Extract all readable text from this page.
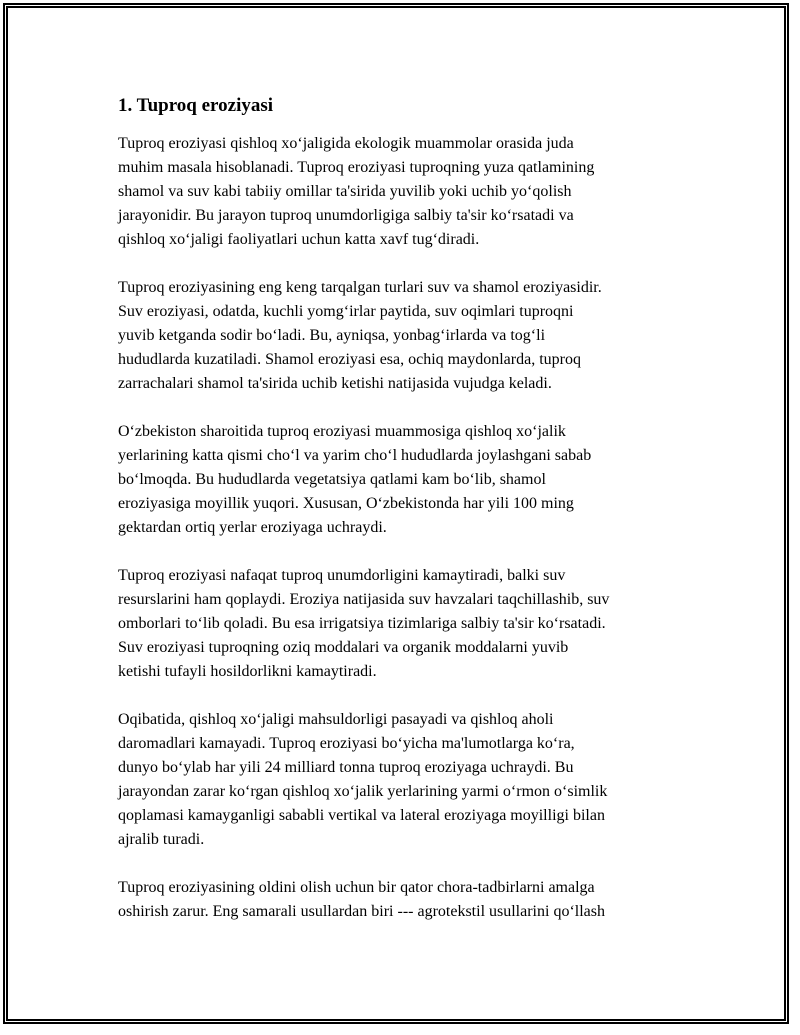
1. Tuproq eroziyasi

Tuproq eroziyasi qishloq xo‘jaligida ekologik muammolar orasida juda
muhim masala hisoblanadi. Tuproq eroziyasi tuproqning yuza qatlamining
shamol va suv kabi tabiiy omillar ta'sirida yuvilib yoki uchib yo‘qolish
jarayonidir. Bu jarayon tuproq unumdorligiga salbiy ta'sir ko‘rsatadi va
qishloq xo‘jaligi faoliyatlari uchun katta xavf tug‘diradi.

Tuproq eroziyasining eng keng tarqalgan turlari suv va shamol eroziyasidir.
Suv eroziyasi, odatda, kuchli yomg‘irlar paytida, suv oqimlari tuproqni
yuvib ketganda sodir bo‘ladi. Bu, ayniqsa, yonbag‘irlarda va tog‘li
hududlarda kuzatiladi. Shamol eroziyasi esa, ochiq maydonlarda, tuproq
zarrachalari shamol ta'sirida uchib ketishi natijasida vujudga keladi.

O‘zbekiston sharoitida tuproq eroziyasi muammosiga qishloq xo‘jalik
yerlarining katta qismi cho‘l va yarim cho‘l hududlarda joylashgani sabab
bo‘lmoqda. Bu hududlarda vegetatsiya qatlami kam bo‘lib, shamol
eroziyasiga moyillik yuqori. Xususan, O‘zbekistonda har yili 100 ming
gektardan ortiq yerlar eroziyaga uchraydi.

Tuproq eroziyasi nafaqat tuproq unumdorligini kamaytiradi, balki suv
resurslarini ham qoplaydi. Eroziya natijasida suv havzalari taqchillashib, suv
omborlari to‘lib qoladi. Bu esa irrigatsiya tizimlariga salbiy ta'sir ko‘rsatadi.
Suv eroziyasi tuproqning oziq moddalari va organik moddalarni yuvib
ketishi tufayli hosildorlikni kamaytiradi.

Oqibatida, qishloq xo‘jaligi mahsuldorligi pasayadi va qishloq aholi
daromadlari kamayadi. Tuproq eroziyasi bo‘yicha ma'lumotlarga ko‘ra,
dunyo bo‘ylab har yili 24 milliard tonna tuproq eroziyaga uchraydi. Bu
jarayondan zarar ko‘rgan qishloq xo‘jalik yerlarining yarmi o‘rmon o‘simlik
qoplamasi kamayganligi sababli vertikal va lateral eroziyaga moyilligi bilan
ajralib turadi.

Tuproq eroziyasining oldini olish uchun bir qator chora-tadbirlarni amalga
oshirish zarur. Eng samarali usullardan biri --- agrotekstil usullarini qo‘llash
